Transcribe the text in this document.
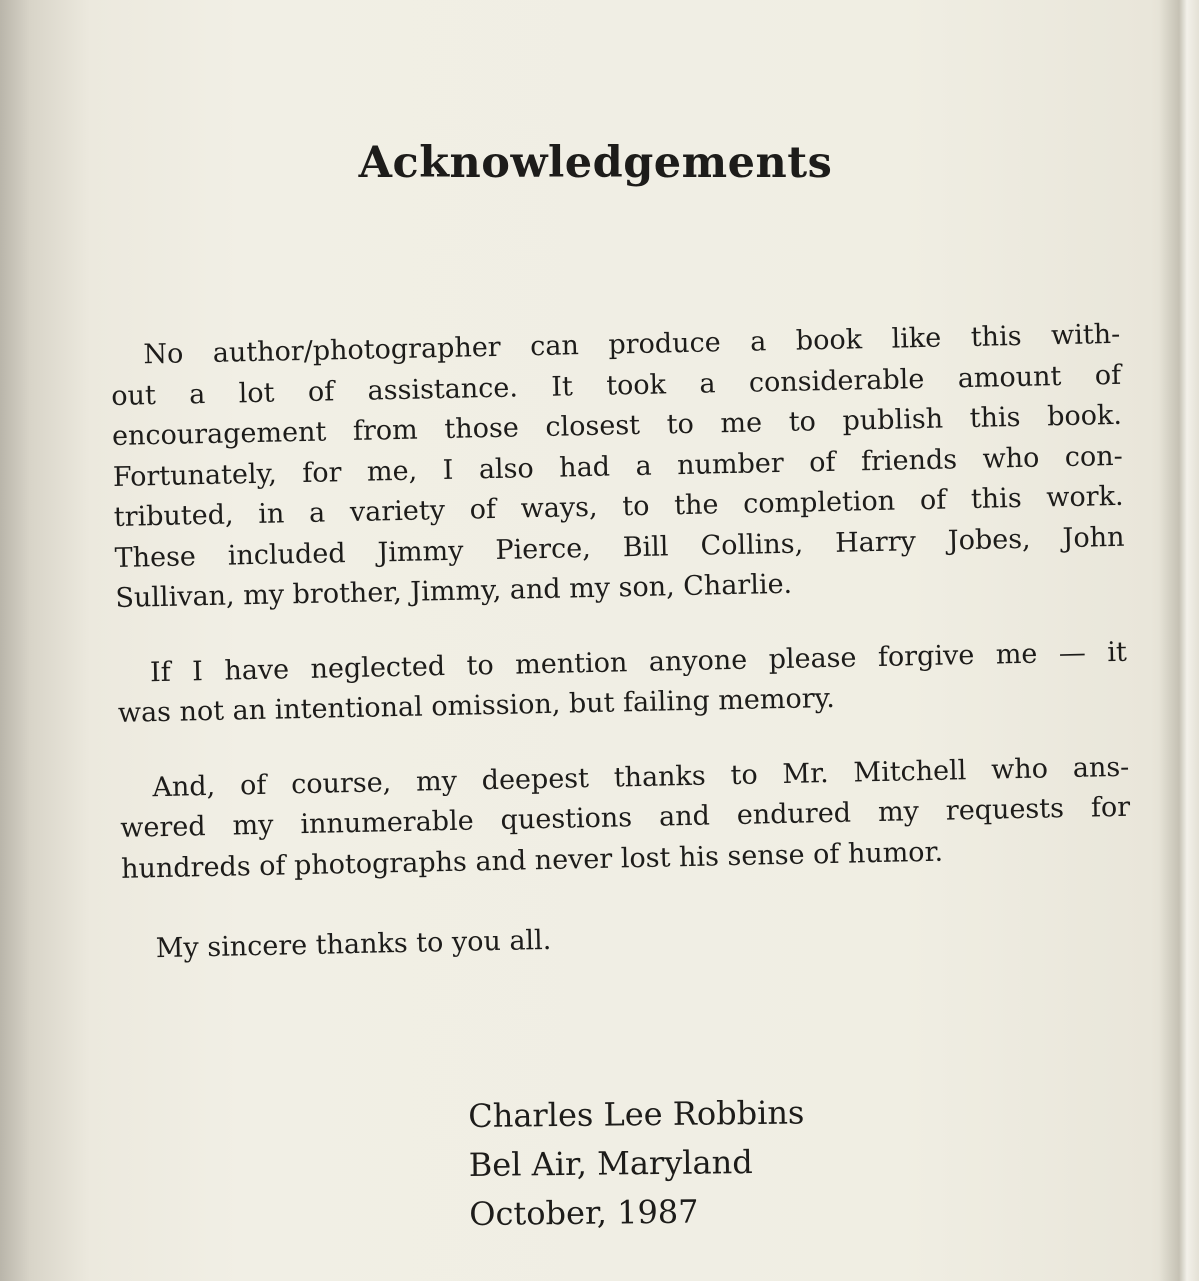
Acknowledgements
No author/photographer can produce a book like this with-
out a lot of assistance. It took a considerable amount of
encouragement from those closest to me to publish this book.
Fortunately, for me, I also had a number of friends who con-
tributed, in a variety of ways, to the completion of this work.
These included Jimmy Pierce, Bill Collins, Harry Jobes, John
Sullivan, my brother, Jimmy, and my son, Charlie.
If I have neglected to mention anyone please forgive me — it
was not an intentional omission, but failing memory.
And, of course, my deepest thanks to Mr. Mitchell who ans-
wered my innumerable questions and endured my requests for
hundreds of photographs and never lost his sense of humor.
My sincere thanks to you all.
Charles Lee Robbins
Bel Air, Maryland
October, 1987
